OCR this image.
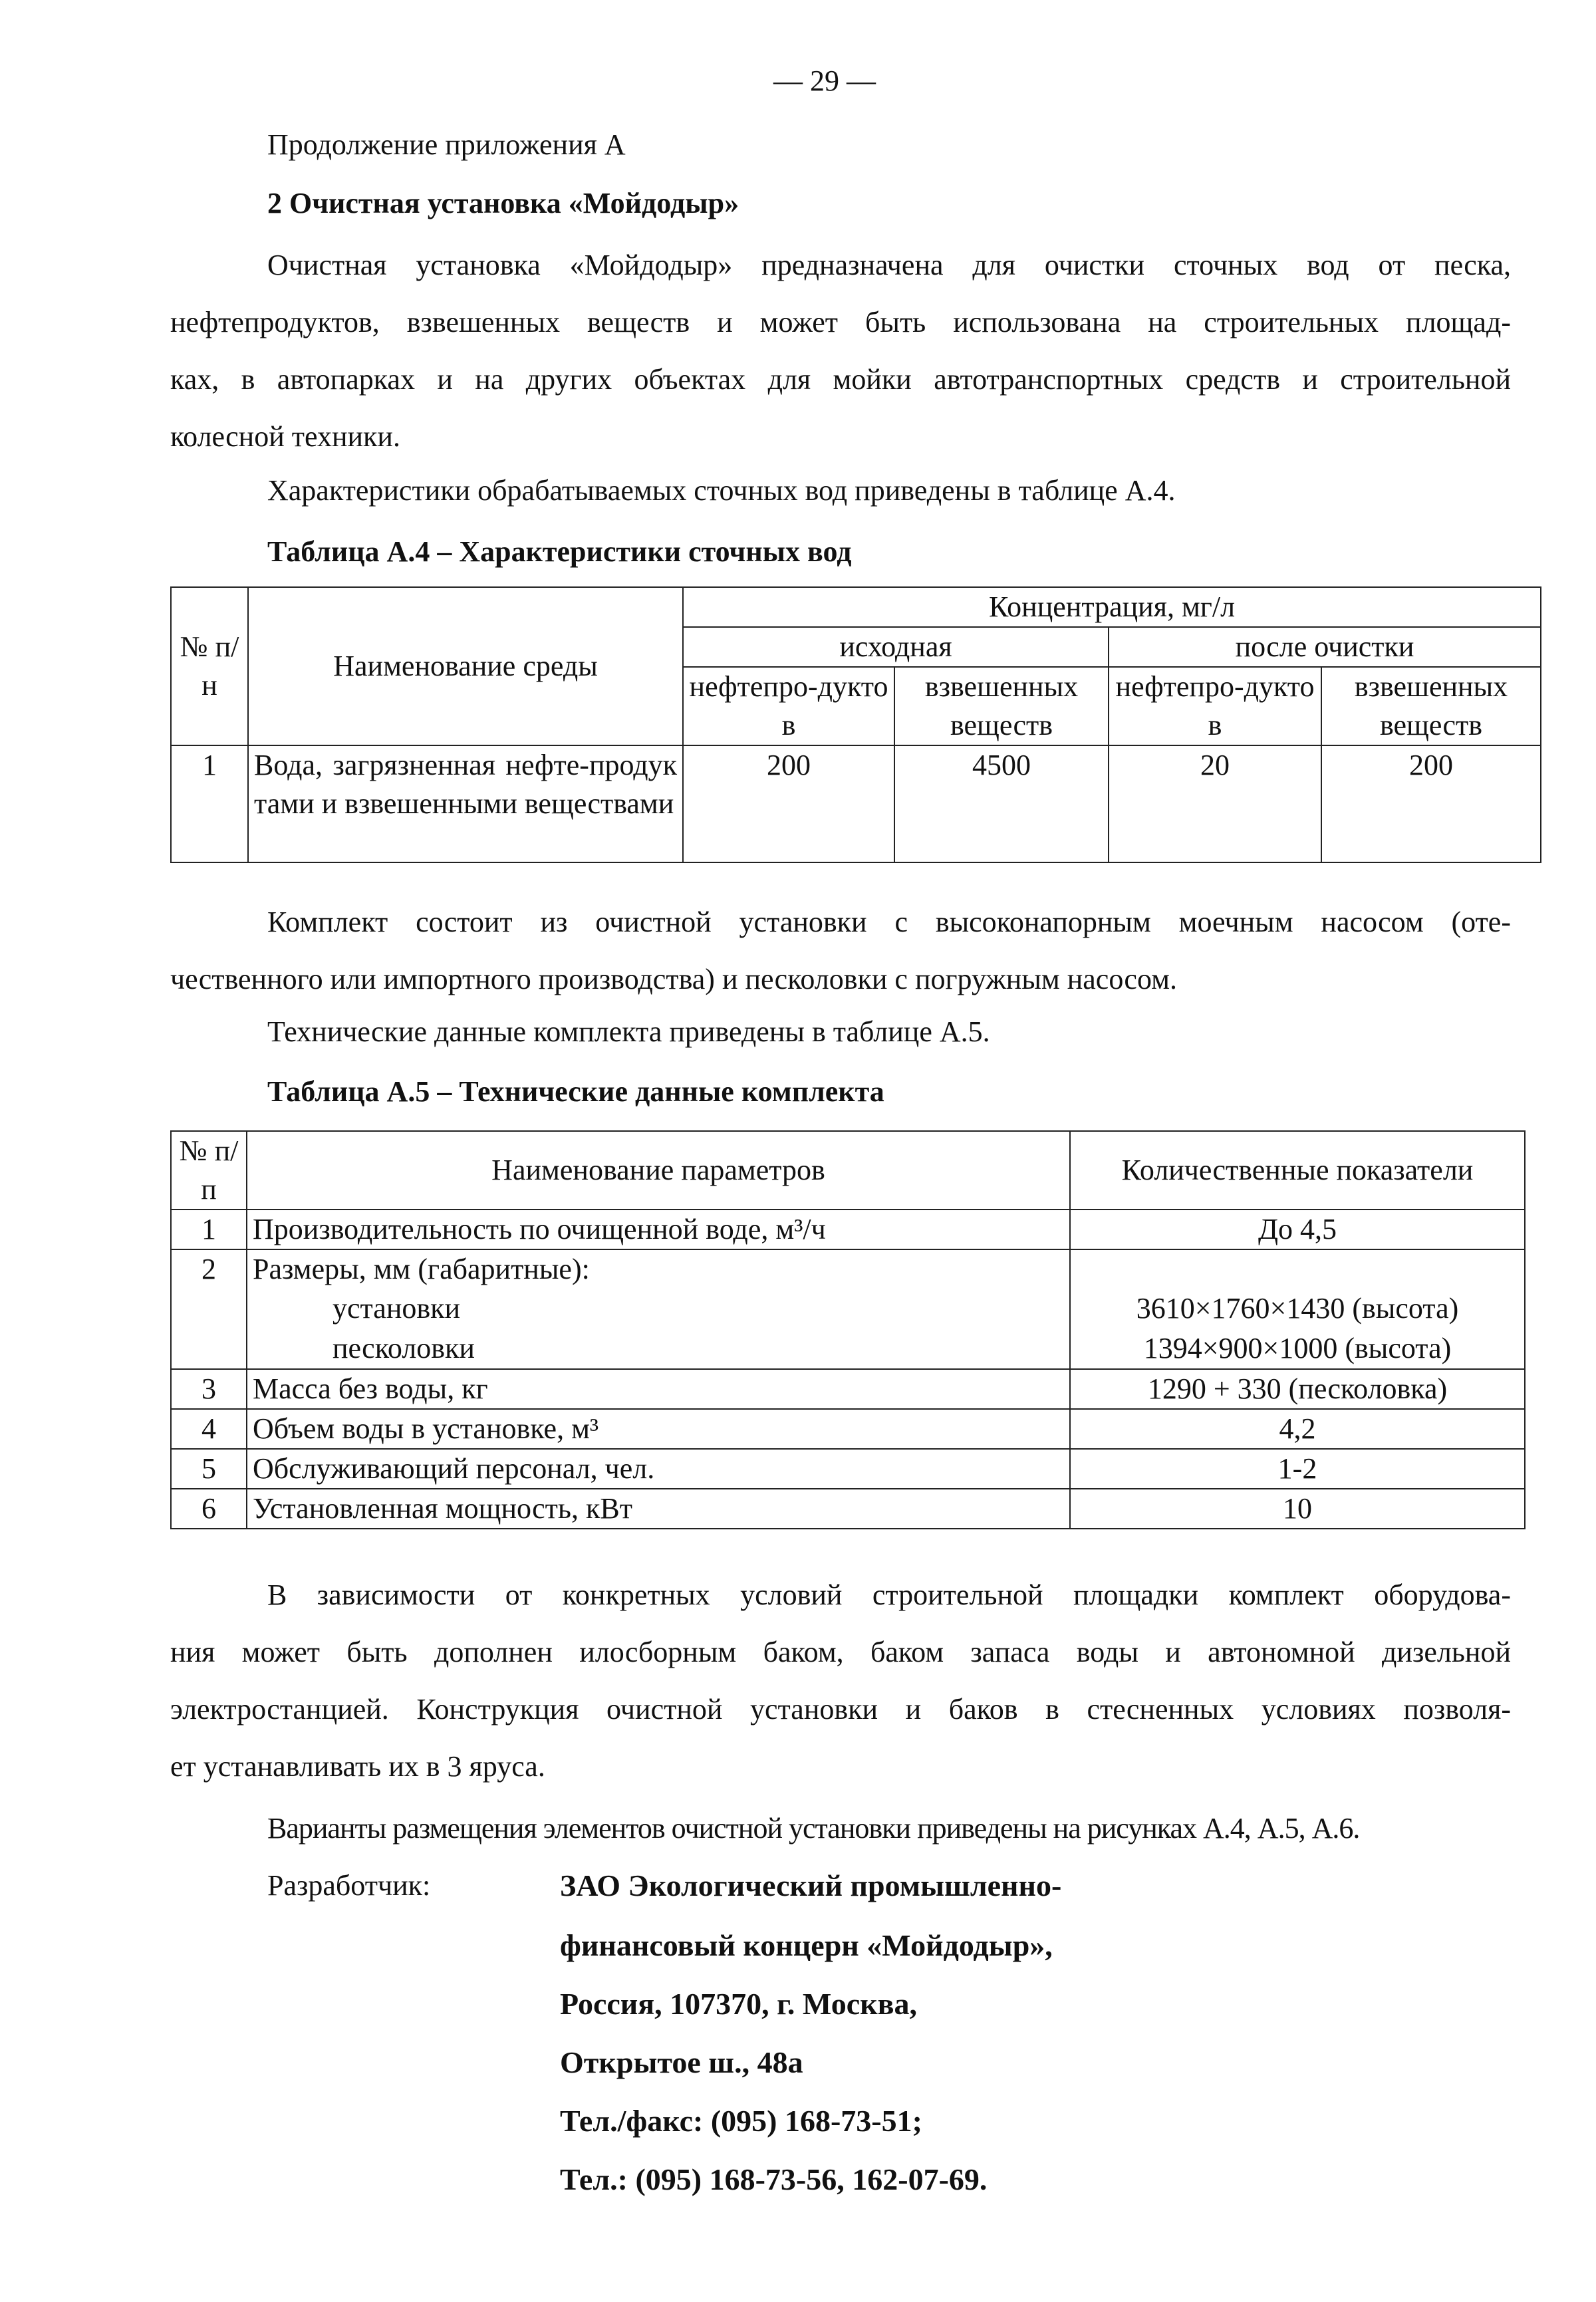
— 29 —
Продолжение приложения А
2 Очистная установка «Мойдодыр»
Очистная установка «Мойдодыр» предназначена для очистки сточных вод от песка,
нефтепродуктов, взвешенных веществ и может быть использована на строительных площад-
ках, в автопарках и на других объектах для мойки автотранспортных средств и строительной
колесной техники.
Характеристики обрабатываемых сточных вод приведены в таблице А.4.
Таблица А.4 – Характеристики сточных вод
№ п/н	Наименование среды	Концентрация, мг/л			
		исходная		после очистки	
		нефтепро-дуктов	взвешенных веществ	нефтепро-дуктов	взвешенных веществ
1	Вода, загрязненная нефте-продуктами и взвешенными веществами	200	4500	20	200
Комплект состоит из очистной установки с высоконапорным моечным насосом (оте-
чественного или импортного производства) и песколовки с погружным насосом.
Технические данные комплекта приведены в таблице А.5.
Таблица А.5 – Технические данные комплекта
№ п/п	Наименование параметров	Количественные показатели
1	Производительность по очищенной воде, м³/ч	До 4,5
2	Размеры, мм (габаритные):	
	установки	3610×1760×1430 (высота)
	песколовки	1394×900×1000 (высота)
3	Масса без воды, кг	1290 + 330 (песколовка)
4	Объем воды в установке, м³	4,2
5	Обслуживающий персонал, чел.	1-2
6	Установленная мощность, кВт	10
В зависимости от конкретных условий строительной площадки комплект оборудова-
ния может быть дополнен илосборным баком, баком запаса воды и автономной дизельной
электростанцией. Конструкция очистной установки и баков в стесненных условиях позволя-
ет устанавливать их в 3 яруса.
Варианты размещения элементов очистной установки приведены на рисунках А.4, А.5, А.6.
Разработчик:	ЗАО Экологический промышленно-
финансовый концерн «Мойдодыр»,
Россия, 107370, г. Москва,
Открытое ш., 48а
Тел./факс: (095) 168-73-51;
Тел.: (095) 168-73-56, 162-07-69.
